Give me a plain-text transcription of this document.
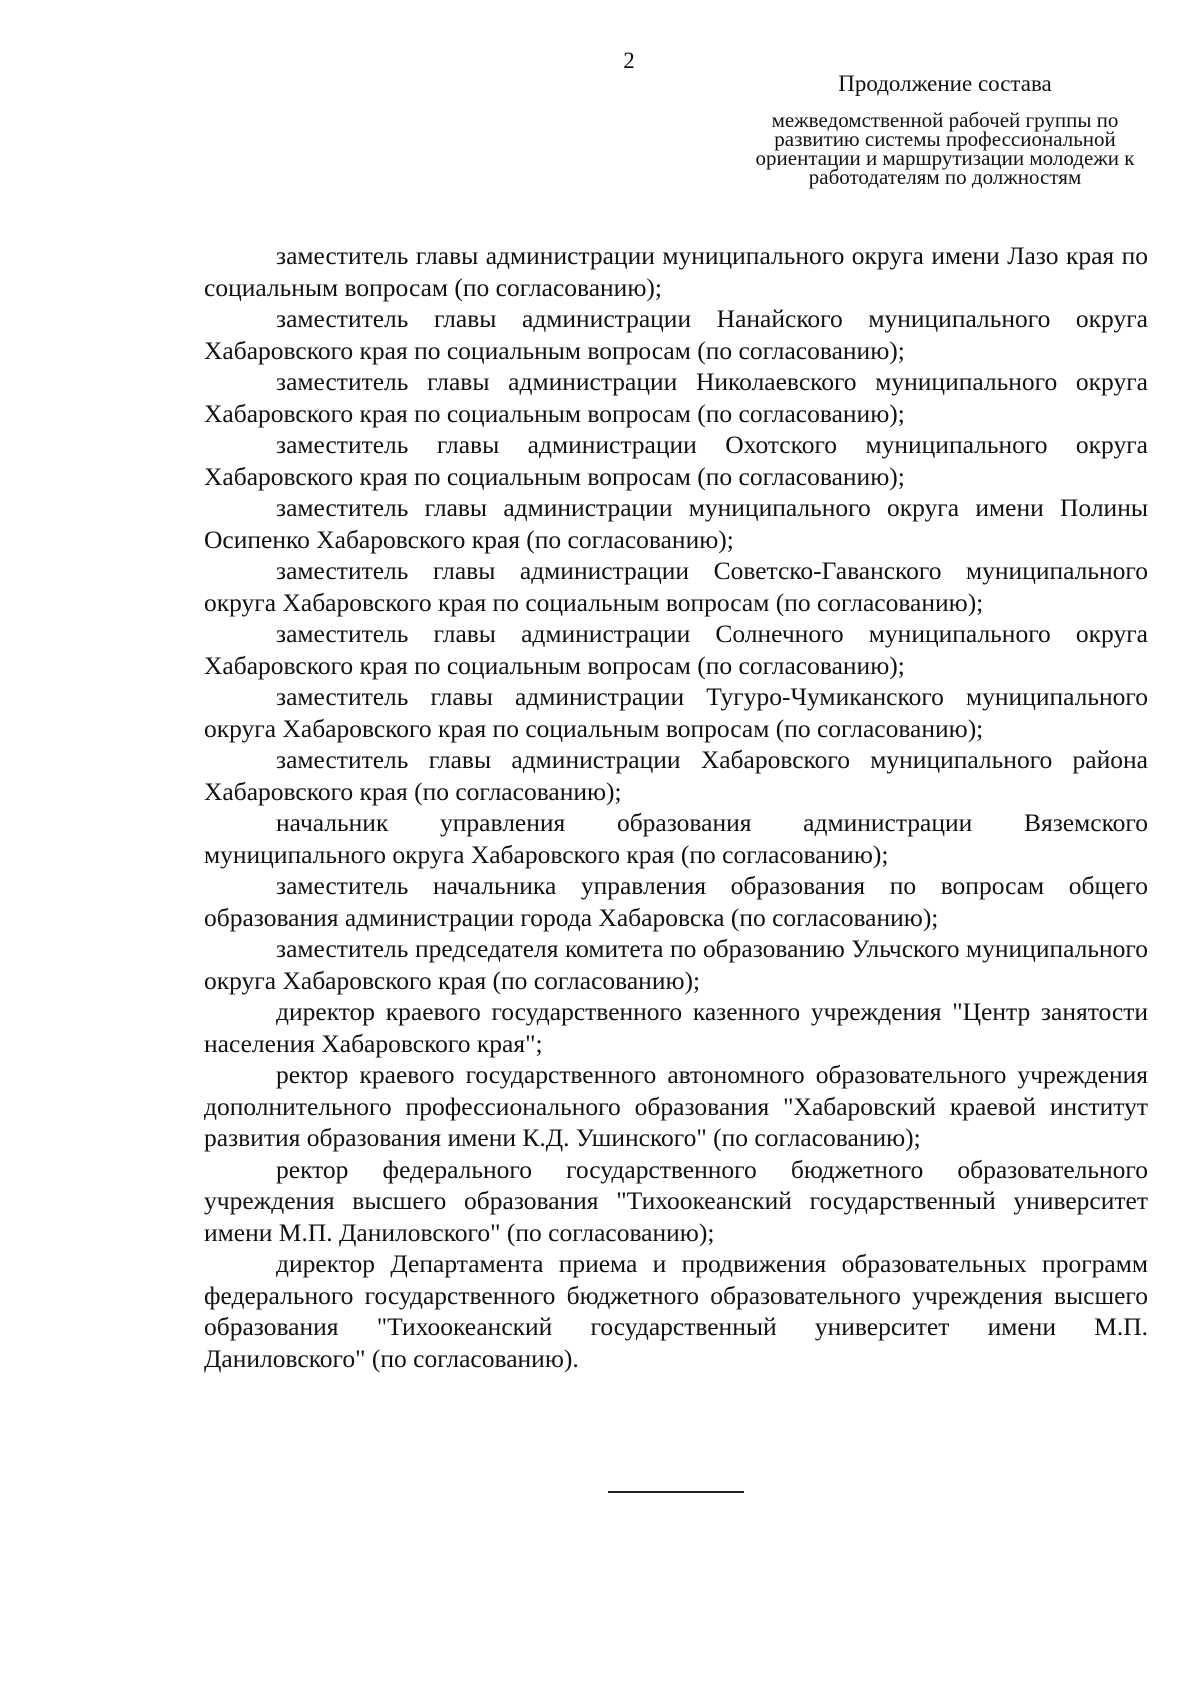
2
Продолжение состава
межведомственной рабочей группы по развитию системы профессиональной ориентации и маршрутизации молодежи к работодателям по должностям

заместитель главы администрации муниципального округа имени Лазо края по социальным вопросам (по согласованию);

заместитель главы администрации Нанайского муниципального округа Хабаровского края по социальным вопросам (по согласованию);

заместитель главы администрации Николаевского муниципального округа Хабаровского края по социальным вопросам (по согласованию);

заместитель главы администрации Охотского муниципального округа Хабаровского края по социальным вопросам (по согласованию);

заместитель главы администрации муниципального округа имени Полины Осипенко Хабаровского края (по согласованию);

заместитель главы администрации Советско-Гаванского муниципального округа Хабаровского края по социальным вопросам (по согласованию);

заместитель главы администрации Солнечного муниципального округа Хабаровского края по социальным вопросам (по согласованию);

заместитель главы администрации Тугуро-Чумиканского муниципального округа Хабаровского края по социальным вопросам (по согласованию);

заместитель главы администрации Хабаровского муниципального района Хабаровского края (по согласованию);

начальник управления образования администрации Вяземского муниципального округа Хабаровского края (по согласованию);

заместитель начальника управления образования по вопросам общего образования администрации города Хабаровска (по согласованию);

заместитель председателя комитета по образованию Ульчского муниципального округа Хабаровского края (по согласованию);

директор краевого государственного казенного учреждения "Центр занятости населения Хабаровского края";

ректор краевого государственного автономного образовательного учреждения дополнительного профессионального образования "Хабаровский краевой институт развития образования имени К.Д. Ушинского" (по согласованию);

ректор федерального государственного бюджетного образовательного учреждения высшего образования "Тихоокеанский государственный университет имени М.П. Даниловского" (по согласованию);

директор Департамента приема и продвижения образовательных программ федерального государственного бюджетного образовательного учреждения высшего образования "Тихоокеанский государственный университет имени М.П. Даниловского" (по согласованию).
